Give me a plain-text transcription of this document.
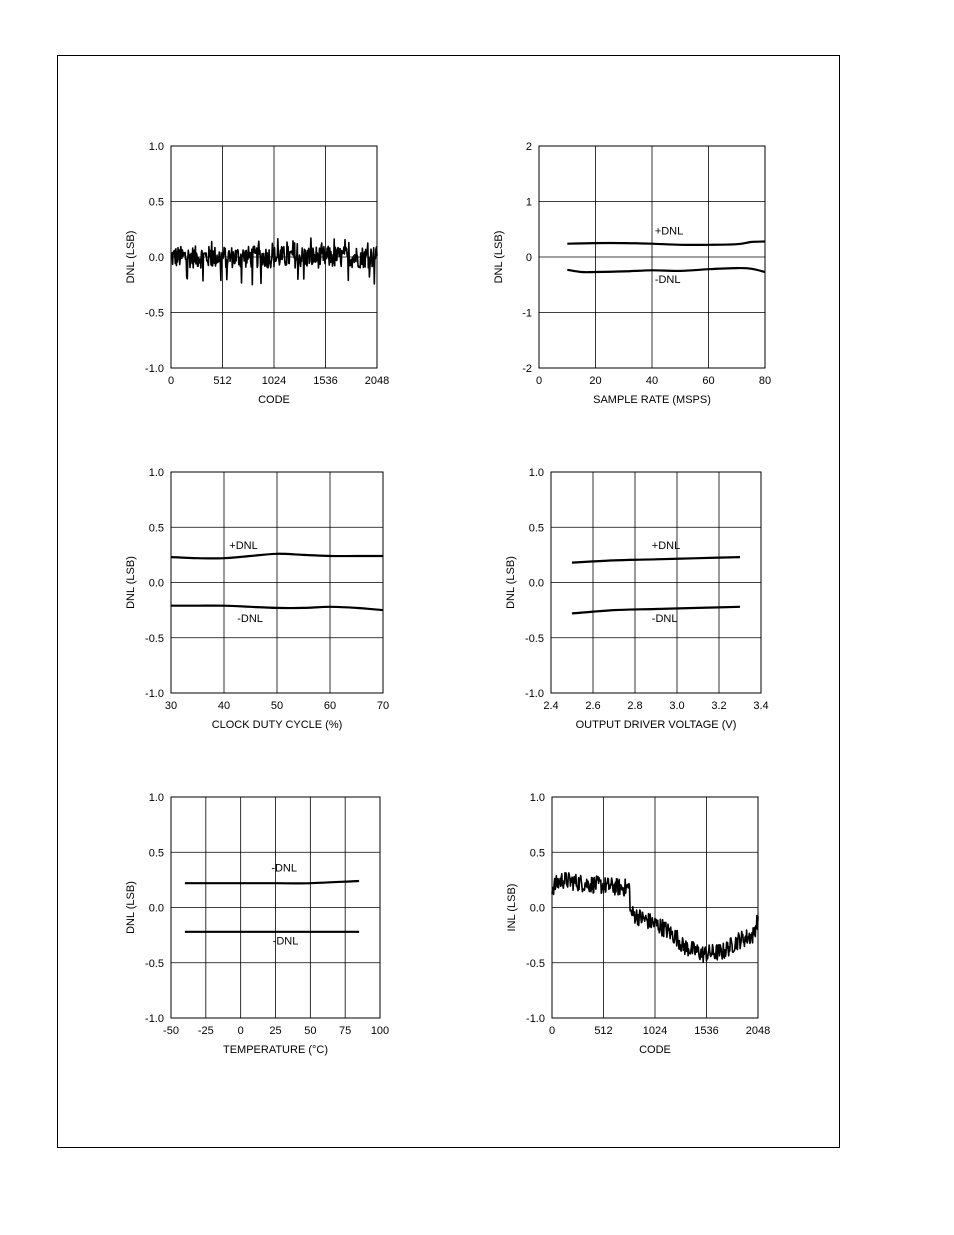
0	512	1024 1536 2048
1.0
0.5
0.0
-0.5
-1.0
CODE
DNL (LSB)
0	20	40	60	80
2
1
0
-1
-2
SAMPLE RATE (MSPS)
DNL (LSB)	+DNL
-DNL
30	40	50	60	70
1.0
0.5
0.0
-0.5
-1.0
CLOCK DUTY CYCLE (%)
DNL (LSB)
+DNL
-DNL
2.4 2.6 2.8 3.0 3.2 3.4
1.0
0.5
0.0
-0.5
-1.0
OUTPUT DRIVER VOLTAGE (V)
DNL (LSB)
+DNL
-DNL
-50 -25 0 25 50 75 100
1.0
0.5
0.0
-0.5
-1.0
TEMPERATURE (°C)
DNL (LSB)
-DNL
-DNL
0	512	1024 1536 2048
1.0
0.5
0.0
-0.5
-1.0
CODE
INL (LSB)
